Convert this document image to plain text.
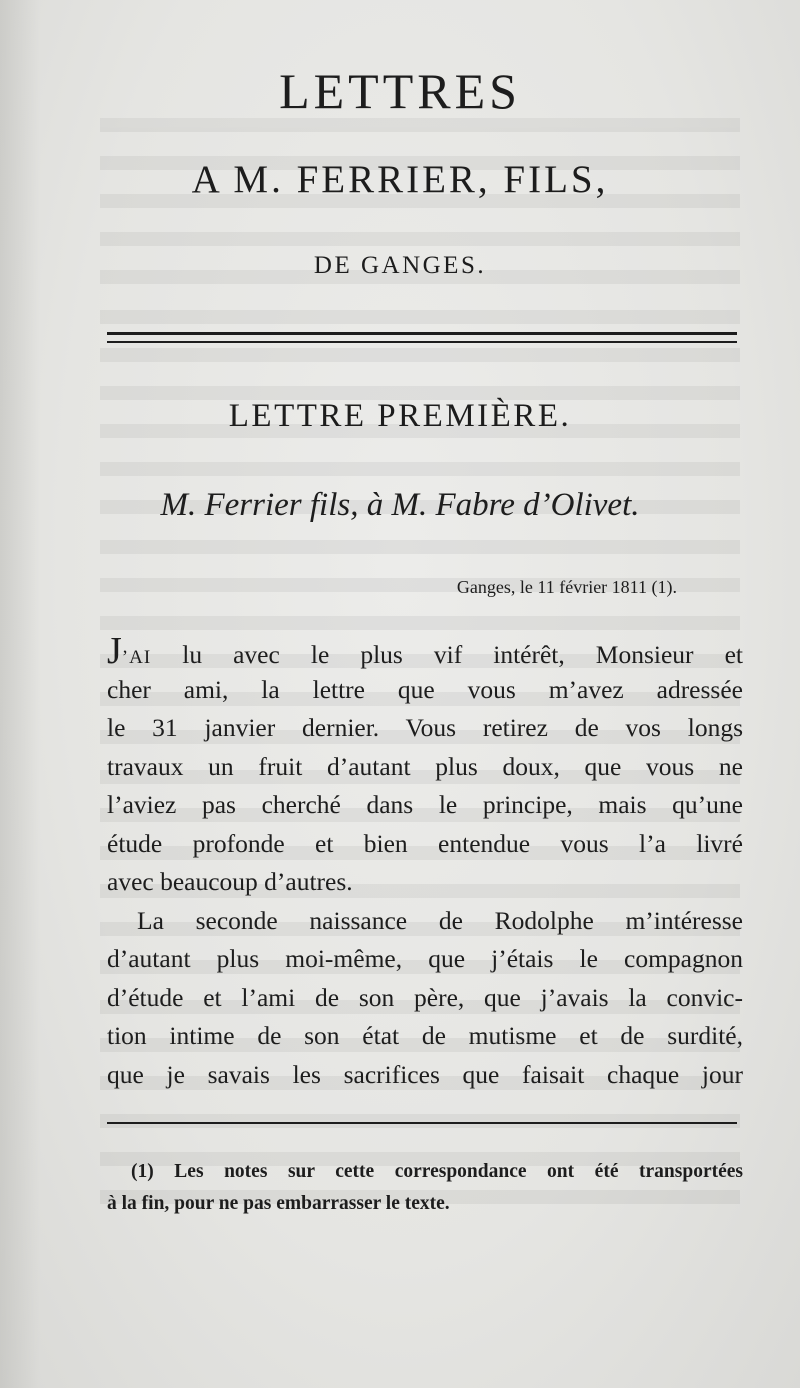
LETTRES
A M. FERRIER, FILS,
DE GANGES.
LETTRE PREMIÈRE.
M. Ferrier fils, à M. Fabre d’Olivet.
Ganges, le 11 février 1811 (1).
J’AI lu avec le plus vif intérêt, Monsieur et
cher ami, la lettre que vous m’avez adressée
le 31 janvier dernier. Vous retirez de vos longs
travaux un fruit d’autant plus doux, que vous ne
l’aviez pas cherché dans le principe, mais qu’une
étude profonde et bien entendue vous l’a livré
avec beaucoup d’autres.
La seconde naissance de Rodolphe m’intéresse
d’autant plus moi-même, que j’étais le compagnon
d’étude et l’ami de son père, que j’avais la convic-
tion intime de son état de mutisme et de surdité,
que je savais les sacrifices que faisait chaque jour
(1) Les notes sur cette correspondance ont été transportées
à la fin, pour ne pas embarrasser le texte.
